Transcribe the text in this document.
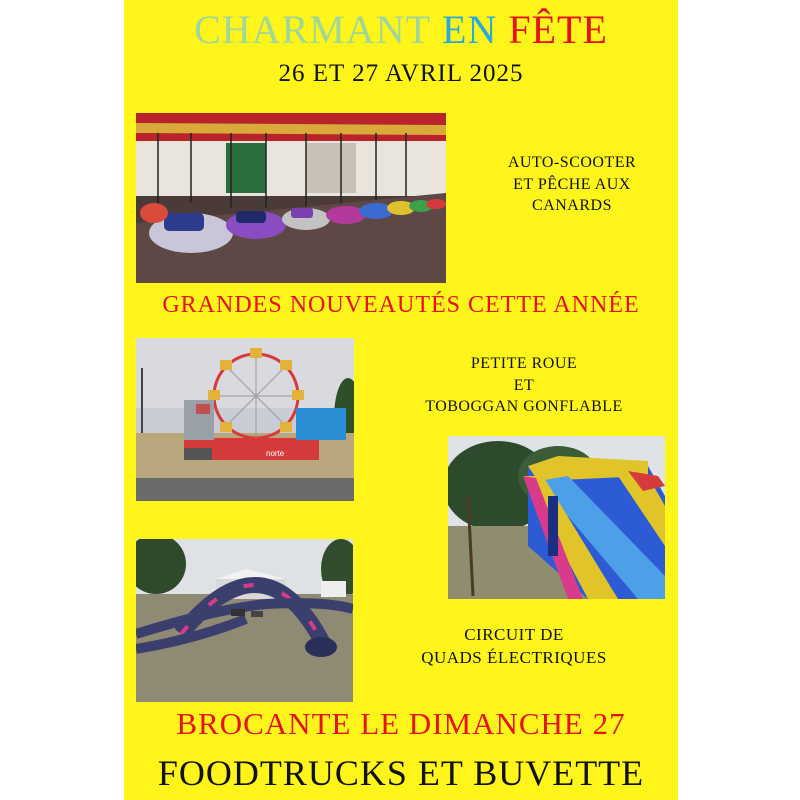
CHARMANT EN FÊTE
26 ET 27 AVRIL 2025
AUTO-SCOOTER
ET PÊCHE AUX
CANARDS
GRANDES NOUVEAUTÉS CETTE ANNÉE
norte
PETITE ROUE
ET
TOBOGGAN GONFLABLE
CIRCUIT DE
QUADS ÉLECTRIQUES
BROCANTE LE DIMANCHE 27
FOODTRUCKS ET BUVETTE
